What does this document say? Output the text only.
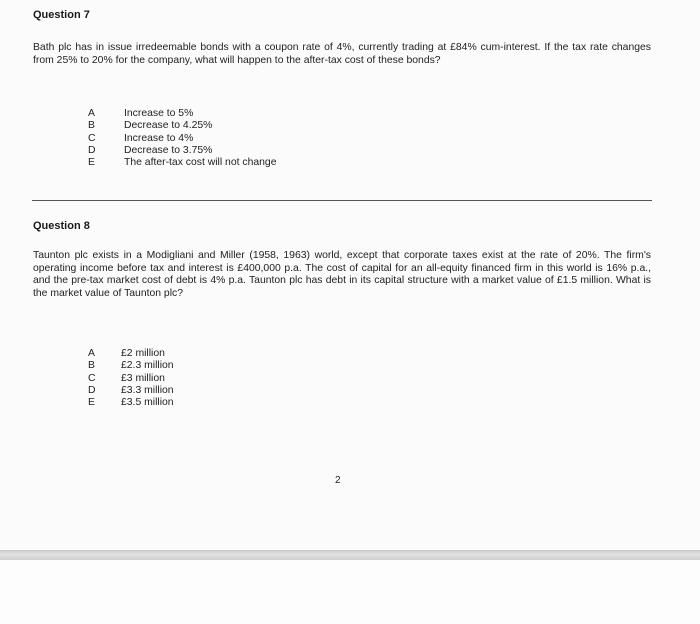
Question 7
Bath plc has in issue irredeemable bonds with a coupon rate of 4%, currently trading at £84% cum-interest. If the tax rate changes from 25% to 20% for the company, what will happen to the after-tax cost of these bonds?
A	Increase to 5%
B	Decrease to 4.25%
C	Increase to 4%
D	Decrease to 3.75%
E	The after-tax cost will not change
Question 8
Taunton plc exists in a Modigliani and Miller (1958, 1963) world, except that corporate taxes exist at the rate of 20%. The firm's operating income before tax and interest is £400,000 p.a. The cost of capital for an all-equity financed firm in this world is 16% p.a., and the pre-tax market cost of debt is 4% p.a. Taunton plc has debt in its capital structure with a market value of £1.5 million. What is the market value of Taunton plc?
A	£2 million
B	£2.3 million
C £3 million
D £3.3 million
E	£3.5 million
2
